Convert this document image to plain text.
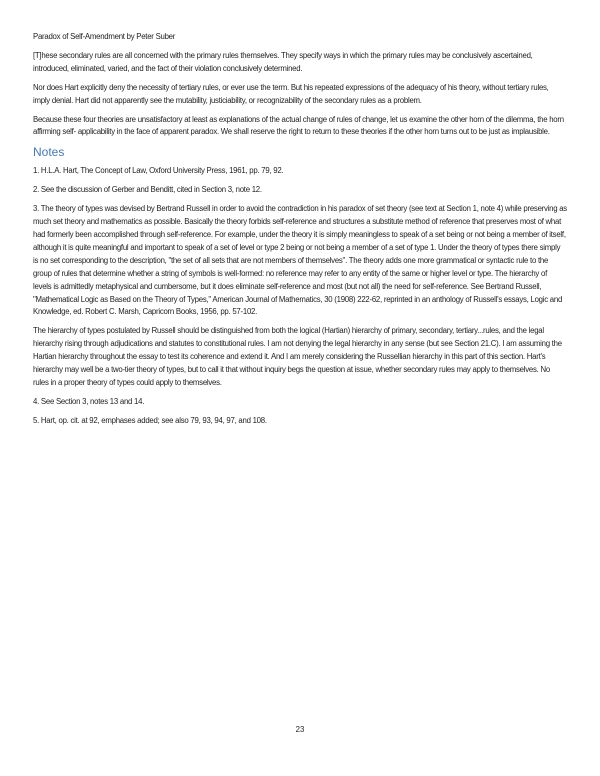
Paradox of Self-Amendment by Peter Suber

[T]hese secondary rules are all concerned with the primary rules themselves. They specify ways in which the primary rules may be conclusively ascertained, introduced, eliminated, varied, and the fact of their violation conclusively determined.

Nor does Hart explicitly deny the necessity of tertiary rules, or ever use the term. But his repeated expressions of the adequacy of his theory, without tertiary rules, imply denial. Hart did not apparently see the mutability, justiciability, or recognizability of the secondary rules as a problem.

Because these four theories are unsatisfactory at least as explanations of the actual change of rules of change, let us examine the other horn of the dilemma, the horn affirming self- applicability in the face of apparent paradox. We shall reserve the right to return to these theories if the other horn turns out to be just as implausible.

Notes

1. H.L.A. Hart, The Concept of Law, Oxford University Press, 1961, pp. 79, 92.

2. See the discussion of Gerber and Benditt, cited in Section 3, note 12.

3. The theory of types was devised by Bertrand Russell in order to avoid the contradiction in his paradox of set theory (see text at Section 1, note 4) while preserving as much set theory and mathematics as possible. Basically the theory forbids self-reference and structures a substitute method of reference that preserves most of what had formerly been accomplished through self-reference. For example, under the theory it is simply meaningless to speak of a set being or not being a member of itself, although it is quite meaningful and important to speak of a set of level or type 2 being or not being a member of a set of type 1. Under the theory of types there simply is no set corresponding to the description, "the set of all sets that are not members of themselves". The theory adds one more grammatical or syntactic rule to the group of rules that determine whether a string of symbols is well-formed: no reference may refer to any entity of the same or higher level or type. The hierarchy of levels is admittedly metaphysical and cumbersome, but it does eliminate self-reference and most (but not all) the need for self-reference. See Bertrand Russell, "Mathematical Logic as Based on the Theory of Types," American Journal of Mathematics, 30 (1908) 222-62, reprinted in an anthology of Russell's essays, Logic and Knowledge, ed. Robert C. Marsh, Capricorn Books, 1956, pp. 57-102.

The hierarchy of types postulated by Russell should be distinguished from both the logical (Hartian) hierarchy of primary, secondary, tertiary...rules, and the legal hierarchy rising through adjudications and statutes to constitutional rules. I am not denying the legal hierarchy in any sense (but see Section 21.C). I am assuming the Hartian hierarchy throughout the essay to test its coherence and extend it. And I am merely considering the Russellian hierarchy in this part of this section. Hart's hierarchy may well be a two-tier theory of types, but to call it that without inquiry begs the question at issue, whether secondary rules may apply to themselves. No rules in a proper theory of types could apply to themselves.

4. See Section 3, notes 13 and 14.

5. Hart, op. cit. at 92, emphases added; see also 79, 93, 94, 97, and 108.

23
